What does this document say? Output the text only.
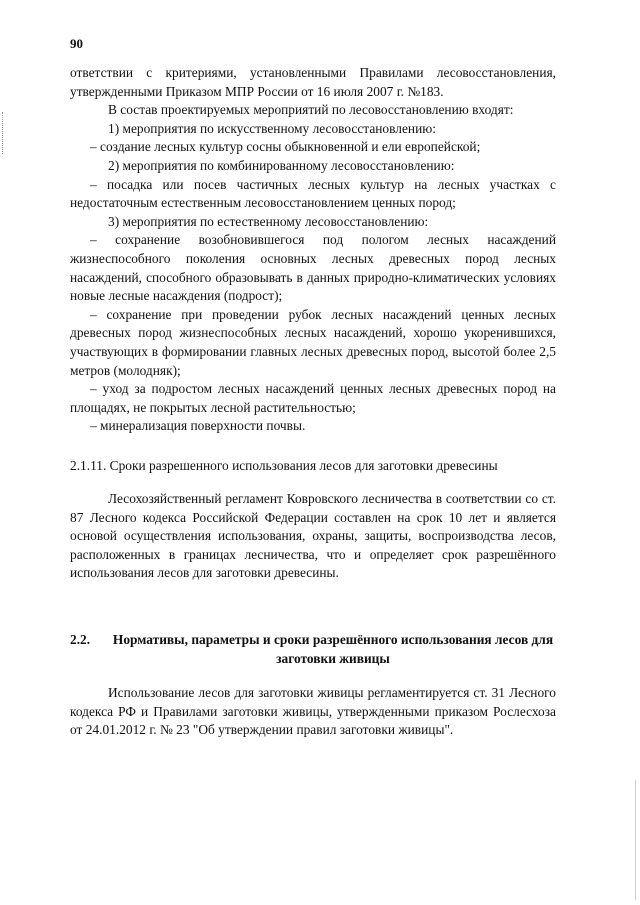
90

ответствии с критериями, установленными Правилами лесовосстановления, утвержденными Приказом МПР России от 16 июля 2007 г. №183.

В состав проектируемых мероприятий по лесовосстановлению входят:

1) мероприятия по искусственному лесовосстановлению:

– создание лесных культур сосны обыкновенной и ели европейской;

2) мероприятия по комбинированному лесовосстановлению:

– посадка или посев частичных лесных культур на лесных участках с недостаточным естественным лесовосстановлением ценных пород;

3) мероприятия по естественному лесовосстановлению:

– сохранение возобновившегося под пологом лесных насаждений жизнеспособного поколения основных лесных древесных пород лесных насаждений, способного образовывать в данных природно-климатических условиях новые лесные насаждения (подрост);

– сохранение при проведении рубок лесных насаждений ценных лесных древесных пород жизнеспособных лесных насаждений, хорошо укоренившихся, участвующих в формировании главных лесных древесных пород, высотой более 2,5 метров (молодняк);

– уход за подростом лесных насаждений ценных лесных древесных пород на площадях, не покрытых лесной растительностью;

– минерализация поверхности почвы.

2.1.11. Сроки разрешенного использования лесов для заготовки древесины

Лесохозяйственный регламент Ковровского лесничества в соответствии со ст. 87 Лесного кодекса Российской Федерации составлен на срок 10 лет и является основой осуществления использования, охраны, защиты, воспроизводства лесов, расположенных в границах лесничества, что и определяет срок разрешённого использования лесов для заготовки древесины.

2.2.	Нормативы, параметры и сроки разрешённого использования лесов для заготовки живицы

Использование лесов для заготовки живицы регламентируется ст. 31 Лесного кодекса РФ и Правилами заготовки живицы, утвержденными приказом Рослесхоза от 24.01.2012 г. № 23 "Об утверждении правил заготовки живицы".
